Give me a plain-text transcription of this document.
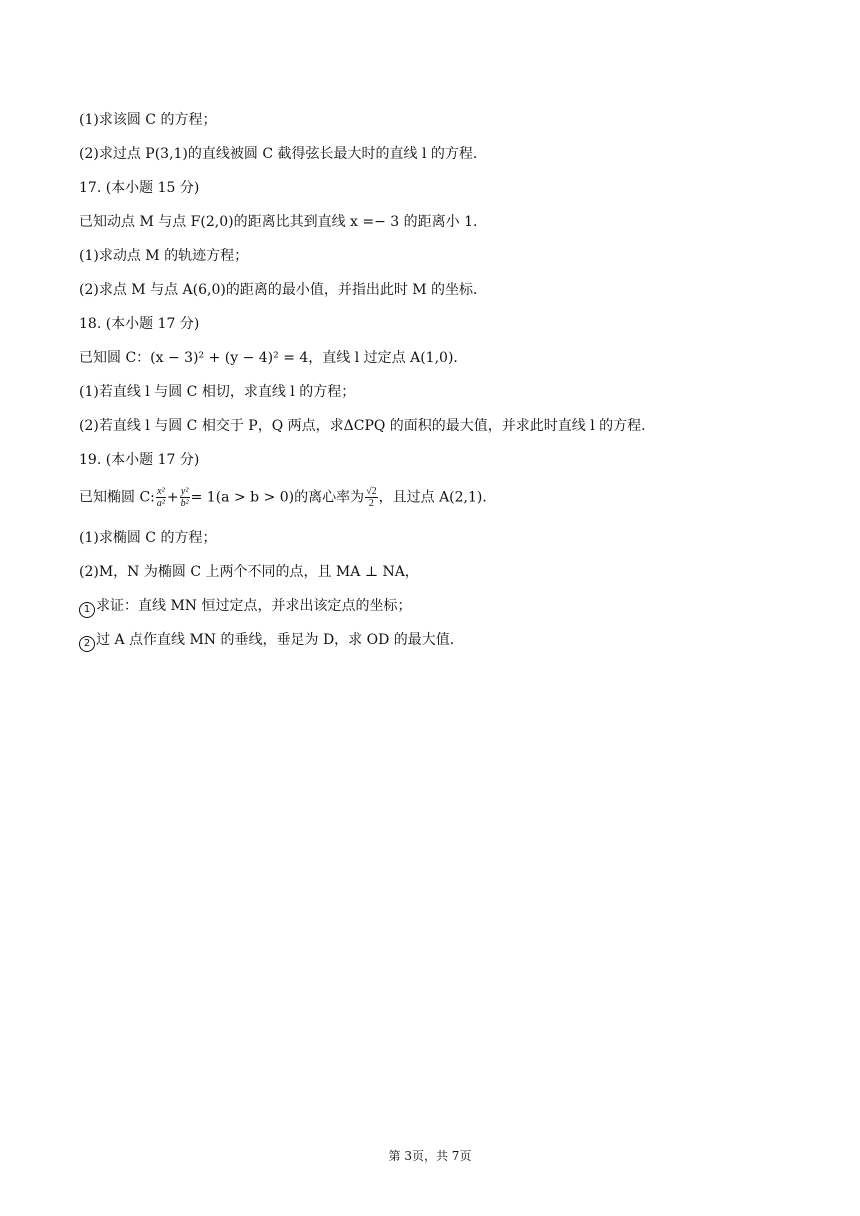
(1)求该圆 C 的方程；
(2)求过点 P(3,1)的直线被圆 C 截得弦长最大时的直线 l 的方程．
17. (本小题 15 分)
已知动点 M 与点 F(2,0)的距离比其到直线 x =− 3 的距离小 1．
(1)求动点 M 的轨迹方程；
(2)求点 M 与点 A(6,0)的距离的最小值，并指出此时 M 的坐标．
18. (本小题 17 分)
已知圆 C：(x − 3)² + (y − 4)² = 4，直线 l 过定点 A(1,0)．
(1)若直线 l 与圆 C 相切，求直线 l 的方程；
(2)若直线 l 与圆 C 相交于 P，Q 两点，求ΔCPQ 的面积的最大值，并求此时直线 l 的方程．
19. (本小题 17 分)
已知椭圆 C: $\frac{\text{x²}}{\text{a²}} + \frac{\text{y²}}{\text{b²}} = 1(a > b > 0)$的离心率为 $\frac{√2}{2}$ ，且过点 A(2,1)．
(1)求椭圆 C 的方程；
(2)M，N 为椭圆 C 上两个不同的点，且 MA ⊥ NA，
1 求证：直线 MN 恒过定点，并求出该定点的坐标；
2 过 A 点作直线 MN 的垂线，垂足为 D，求 OD 的最大值．
第 3页，共 7页
